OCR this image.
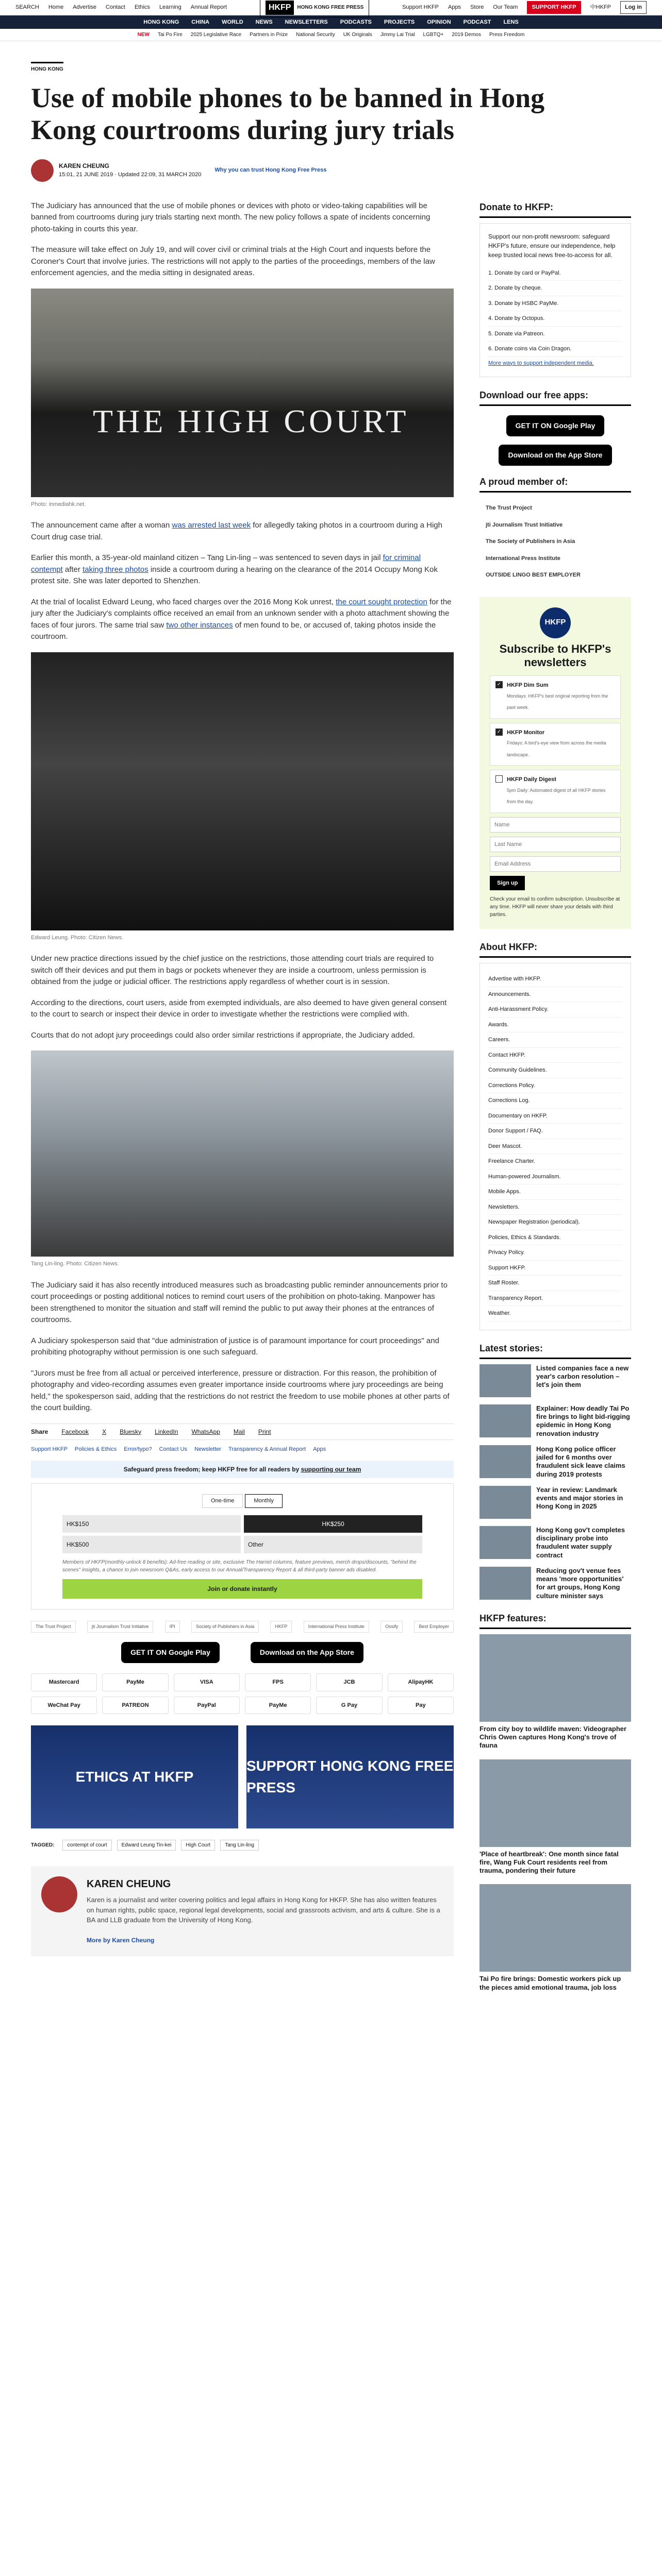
SEARCH Home Advertise Contact Ethics Learning Annual Report	HKFP	HONG KONG FREE PRESS	Support HKFP Apps Store Our Team	SUPPORT HKFP	中HKFP	Log in
HONG KONG CHINA WORLD NEWS NEWSLETTERS PODCASTS PROJECTS OPINION PODCAST LENS
NEW Tai Po Fire 2025 Legislative Race Partners in Prize National Security UK Originals Jimmy Lai Trial LGBTQ+ 2019 Demos Press Freedom
HONG KONG
Use of mobile phones to be banned in Hong Kong courtrooms during jury trials
KAREN CHEUNG
15:01, 21 JUNE 2019 · Updated 22:09, 31 MARCH 2020
Why you can trust Hong Kong Free Press

The Judiciary has announced that the use of mobile phones or devices with photo or video-taking capabilities will be banned from courtrooms during jury trials starting next month. The new policy follows a spate of incidents concerning photo-taking in courts this year.

The measure will take effect on July 19, and will cover civil or criminal trials at the High Court and inquests before the Coroner's Court that involve juries. The restrictions will not apply to the parties of the proceedings, members of the law enforcement agencies, and the media sitting in designated areas.

THE HIGH COURT
Photo: inmediahk.net.

The announcement came after a woman was arrested last week for allegedly taking photos in a courtroom during a High Court drug case trial.

Earlier this month, a 35-year-old mainland citizen – Tang Lin-ling – was sentenced to seven days in jail for criminal contempt after taking three photos inside a courtroom during a hearing on the clearance of the 2014 Occupy Mong Kok protest site. She was later deported to Shenzhen.

At the trial of localist Edward Leung, who faced charges over the 2016 Mong Kok unrest, the court sought protection for the jury after the Judiciary's complaints office received an email from an unknown sender with a photo attachment showing the faces of four jurors. The same trial saw two other instances of men found to be, or accused of, taking photos inside the courtroom.

Edward Leung. Photo: Citizen News.

Under new practice directions issued by the chief justice on the restrictions, those attending court trials are required to switch off their devices and put them in bags or pockets whenever they are inside a courtroom, unless permission is obtained from the judge or judicial officer. The restrictions apply regardless of whether court is in session.

According to the directions, court users, aside from exempted individuals, are also deemed to have given general consent to the court to search or inspect their device in order to investigate whether the restrictions were complied with.

Courts that do not adopt jury proceedings could also order similar restrictions if appropriate, the Judiciary added.

Tang Lin-ling. Photo: Citizen News.

The Judiciary said it has also recently introduced measures such as broadcasting public reminder announcements prior to court proceedings or posting additional notices to remind court users of the prohibition on photo-taking. Manpower has been strengthened to monitor the situation and staff will remind the public to put away their phones at the entrances of courtrooms.

A Judiciary spokesperson said that "due administration of justice is of paramount importance for court proceedings" and prohibiting photography without permission is one such safeguard.

"Jurors must be free from all actual or perceived interference, pressure or distraction. For this reason, the prohibition of photography and video-recording assumes even greater importance inside courtrooms where jury proceedings are being held," the spokesperson said, adding that the restrictions do not restrict the freedom to use mobile phones at other parts of the court building.

Share Facebook X Bluesky LinkedIn WhatsApp Mail Print
Support HKFP Policies & Ethics Error/typo? Contact Us Newsletter Transparency & Annual Report Apps
Safeguard press freedom; keep HKFP free for all readers by supporting our team
One-time	Monthly
HK$150	HK$250
HK$500	Other
Members of HKFP(monthly-unlock 8 benefits): Ad-free reading or site, exclusive The Harriet columns, feature previews, merch drops/discounts, "behind the scenes" insights, a chance to join newsroom Q&As, early access to our Annual/Transparency Report & all third-party banner ads disabled.
Join or donate instantly
The Trust Project	jti Journalism Trust Initiative	IPI	Society of Publishers in Asia	HKFP	International Press Institute	Ossify	Best Employer
GET IT ON Google Play	Download on the App Store
Mastercard	PayMe	VISA	FPS	JCB	AlipayHK
WeChat Pay	PATREON	PayPal	PayMe	G Pay	Pay
ETHICS AT HKFP
SUPPORT HONG KONG FREE PRESS
TAGGED:	contempt of court	Edward Leung Tin-kei	High Court	Tang Lin-ling
KAREN CHEUNG

Karen is a journalist and writer covering politics and legal affairs in Hong Kong for HKFP. She has also written features on human rights, public space, regional legal developments, social and grassroots activism, and arts & culture. She is a BA and LLB graduate from the University of Hong Kong.

More by Karen Cheung
Donate to HKFP:

Support our non-profit newsroom: safeguard HKFP's future, ensure our independence, help keep trusted local news free-to-access for all.

1. Donate by card or PayPal.
2. Donate by cheque.
3. Donate by HSBC PayMe.
4. Donate by Octopus.
5. Donate via Patreon.
6. Donate coins via Coin Dragon.
More ways to support independent media.
Download our free apps:
GET IT ON Google Play
Download on the App Store
A proud member of:
The Trust Project
jti Journalism Trust Initiative
The Society of Publishers in Asia
International Press Institute
OUTSIDE LINGO BEST EMPLOYER
HKFP
Subscribe to HKFP's newsletters
✓ HKFP Dim Sum
Mondays: HKFP's best original reporting from the past week.
✓ HKFP Monitor
Fridays: A bird's-eye view from across the media landscape.
HKFP Daily Digest
5pm Daily: Automated digest of all HKFP stories from the day.
Name Last Name Email Address
Sign up

Check your email to confirm subscription. Unsubscribe at any time. HKFP will never share your details with third parties.

About HKFP:
Advertise with HKFP.
Announcements.
Anti-Harassment Policy.
Awards.
Careers.
Contact HKFP.
Community Guidelines.
Corrections Policy.
Corrections Log.
Documentary on HKFP.
Donor Support / FAQ.
Deer Mascot.
Freelance Charter.
Human-powered Journalism.
Mobile Apps.
Newsletters.
Newspaper Registration (periodical).
Policies, Ethics & Standards.
Privacy Policy.
Support HKFP.
Staff Roster.
Transparency Report.
Weather.
Latest stories:
Listed companies face a new year's carbon resolution – let's join them
Explainer: How deadly Tai Po fire brings to light bid-rigging epidemic in Hong Kong renovation industry
Hong Kong police officer jailed for 6 months over fraudulent sick leave claims during 2019 protests
Year in review: Landmark events and major stories in Hong Kong in 2025
Hong Kong gov't completes disciplinary probe into fraudulent water supply contract
Reducing gov't venue fees means 'more opportunities' for art groups, Hong Kong culture minister says
HKFP features:
From city boy to wildlife maven: Videographer Chris Owen captures Hong Kong's trove of fauna
'Place of heartbreak': One month since fatal fire, Wang Fuk Court residents reel from trauma, pondering their future
Tai Po fire brings: Domestic workers pick up the pieces amid emotional trauma, job loss
